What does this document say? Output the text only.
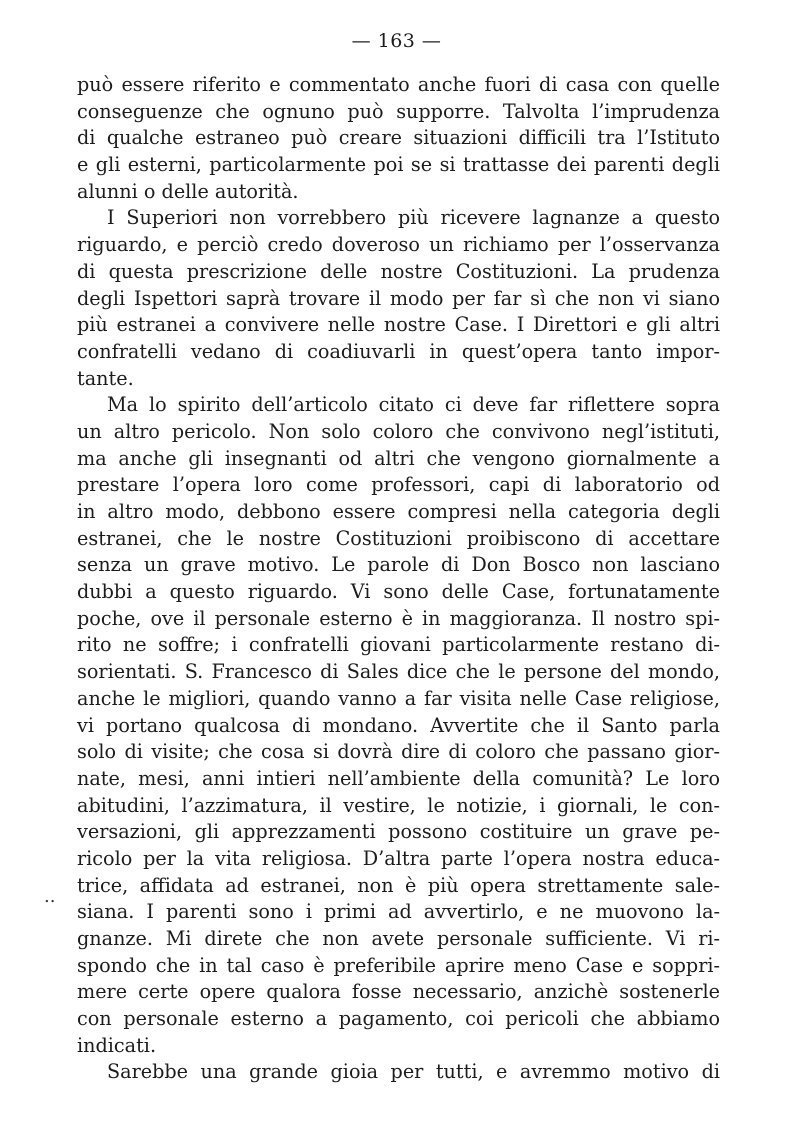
— 163 —
..
può essere riferito e commentato anche fuori di casa con quelle
conseguenze che ognuno può supporre. Talvolta l’imprudenza
di qualche estraneo può creare situazioni difficili tra l’Istituto
e gli esterni, particolarmente poi se si trattasse dei parenti degli
alunni o delle autorità.
I Superiori non vorrebbero più ricevere lagnanze a questo
riguardo, e perciò credo doveroso un richiamo per l’osservanza
di questa prescrizione delle nostre Costituzioni. La prudenza
degli Ispettori saprà trovare il modo per far sì che non vi siano
più estranei a convivere nelle nostre Case. I Direttori e gli altri
confratelli vedano di coadiuvarli in quest’opera tanto impor-
tante.
Ma lo spirito dell’articolo citato ci deve far riflettere sopra
un altro pericolo. Non solo coloro che convivono negl’istituti,
ma anche gli insegnanti od altri che vengono giornalmente a
prestare l’opera loro come professori, capi di laboratorio od
in altro modo, debbono essere compresi nella categoria degli
estranei, che le nostre Costituzioni proibiscono di accettare
senza un grave motivo. Le parole di Don Bosco non lasciano
dubbi a questo riguardo. Vi sono delle Case, fortunatamente
poche, ove il personale esterno è in maggioranza. Il nostro spi-
rito ne soffre; i confratelli giovani particolarmente restano di-
sorientati. S. Francesco di Sales dice che le persone del mondo,
anche le migliori, quando vanno a far visita nelle Case religiose,
vi portano qualcosa di mondano. Avvertite che il Santo parla
solo di visite; che cosa si dovrà dire di coloro che passano gior-
nate, mesi, anni intieri nell’ambiente della comunità? Le loro
abitudini, l’azzimatura, il vestire, le notizie, i giornali, le con-
versazioni, gli apprezzamenti possono costituire un grave pe-
ricolo per la vita religiosa. D’altra parte l’opera nostra educa-
trice, affidata ad estranei, non è più opera strettamente sale-
siana. I parenti sono i primi ad avvertirlo, e ne muovono la-
gnanze. Mi direte che non avete personale sufficiente. Vi ri-
spondo che in tal caso è preferibile aprire meno Case e soppri-
mere certe opere qualora fosse necessario, anzichè sostenerle
con personale esterno a pagamento, coi pericoli che abbiamo
indicati.
Sarebbe una grande gioia per tutti, e avremmo motivo di
